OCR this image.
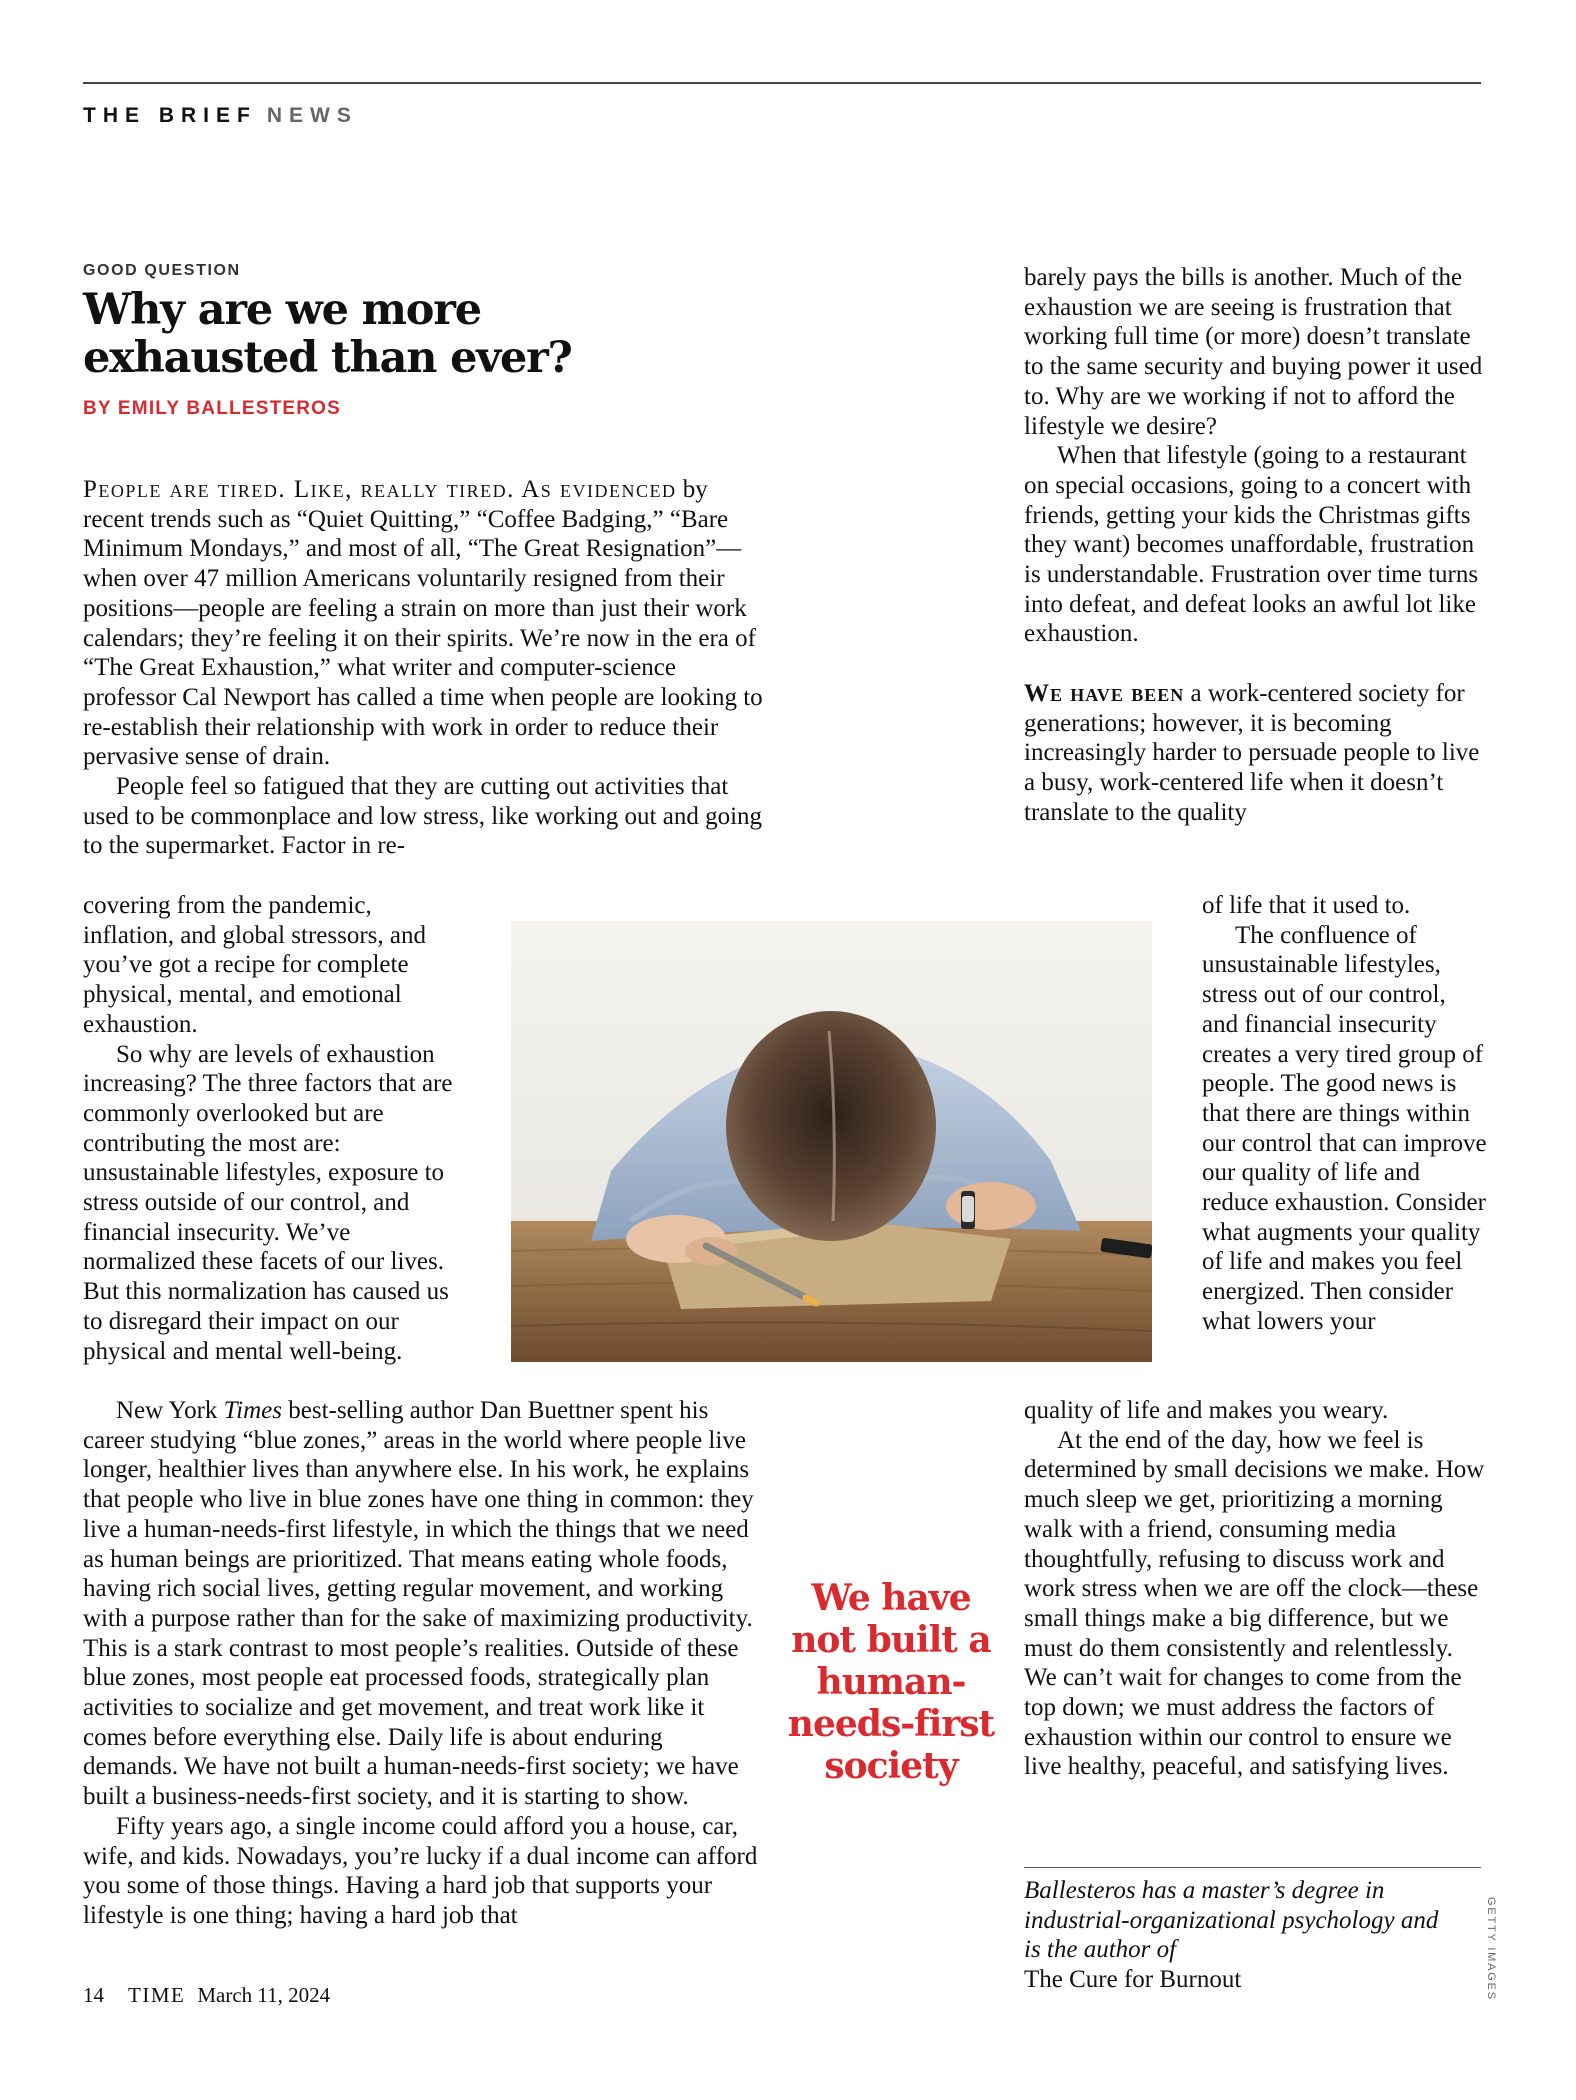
THE BRIEF NEWS
GOOD QUESTION
Why are we more
exhausted than ever?
BY EMILY BALLESTEROS

People are tired. Like, really tired. As evidenced by recent trends such as “Quiet Quitting,” “Coffee Badging,” “Bare Minimum Mondays,” and most of all, “The Great Resignation”—when over 47 million Americans voluntarily resigned from their positions—people are feeling a strain on more than just their work calendars; they’re feeling it on their spirits. We’re now in the era of “The Great Exhaustion,” what writer and computer-science professor Cal Newport has called a time when people are looking to re-establish their relationship with work in order to reduce their pervasive sense of drain.

People feel so fatigued that they are cutting out activities that used to be commonplace and low stress, like working out and going to the supermarket. Factor in re-

covering from the pandemic, inflation, and global stressors, and you’ve got a recipe for complete physical, mental, and emotional exhaustion.

So why are levels of exhaustion increasing? The three factors that are commonly overlooked but are contributing the most are: unsustainable lifestyles, exposure to stress outside of our control, and financial insecurity. We’ve normalized these facets of our lives. But this normalization has caused us to disregard their impact on our physical and mental well-being.

New York Times best-selling author Dan Buettner spent his career studying “blue zones,” areas in the world where people live longer, healthier lives than anywhere else. In his work, he explains that people who live in blue zones have one thing in common: they live a human-needs-first lifestyle, in which the things that we need as human beings are prioritized. That means eating whole foods, having rich social lives, getting regular movement, and working with a purpose rather than for the sake of maximizing productivity. This is a stark contrast to most people’s realities. Outside of these blue zones, most people eat processed foods, strategically plan activities to socialize and get movement, and treat work like it comes before everything else. Daily life is about enduring demands. We have not built a human-needs-first society; we have built a business-needs-first society, and it is starting to show.

Fifty years ago, a single income could afford you a house, car, wife, and kids. Nowadays, you’re lucky if a dual income can afford you some of those things. Having a hard job that supports your lifestyle is one thing; having a hard job that

barely pays the bills is another. Much of the exhaustion we are seeing is frustration that working full time (or more) doesn’t translate to the same security and buying power it used to. Why are we working if not to afford the lifestyle we desire?

When that lifestyle (going to a restaurant on special occasions, going to a concert with friends, getting your kids the Christmas gifts they want) becomes unaffordable, frustration is understandable. Frustration over time turns into defeat, and defeat looks an awful lot like exhaustion.

We have been a work-centered society for generations; however, it is becoming increasingly harder to persuade people to live a busy, work-centered life when it doesn’t translate to the quality

of life that it used to.

The confluence of unsustainable lifestyles, stress out of our control, and financial insecurity creates a very tired group of people. The good news is that there are things within our control that can improve our quality of life and reduce exhaustion. Consider what augments your quality of life and makes you feel energized. Then consider what lowers your

quality of life and makes you weary.

At the end of the day, how we feel is determined by small decisions we make. How much sleep we get, prioritizing a morning walk with a friend, consuming media thoughtfully, refusing to discuss work and work stress when we are off the clock—these small things make a big difference, but we must do them consistently and relentlessly. We can’t wait for changes to come from the top down; we must address the factors of exhaustion within our control to ensure we live healthy, peaceful, and satisfying lives.

We have not built a human-needs-first society
Ballesteros has a master’s degree in industrial-organizational psychology and is the author of
The Cure for Burnout	GETTY IMAGES
14 TIME March 11, 2024
